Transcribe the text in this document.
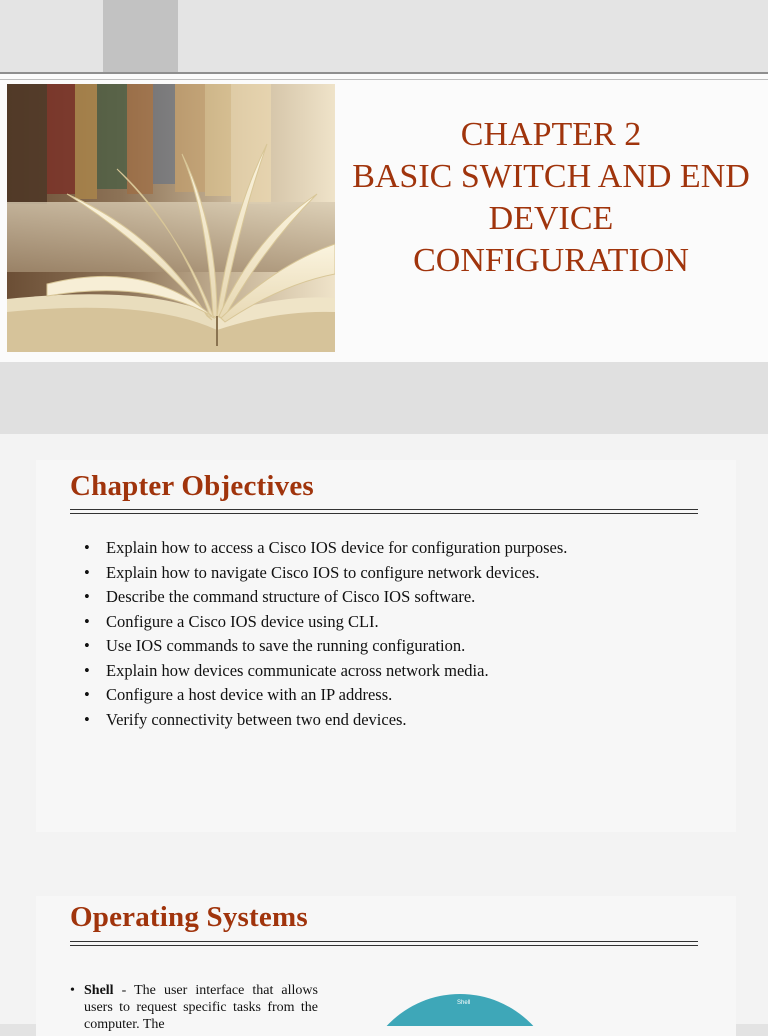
CHAPTER 2
BASIC SWITCH AND END
DEVICE
CONFIGURATION
Chapter Objectives
• Explain how to access a Cisco IOS device for configuration purposes.
• Explain how to navigate Cisco IOS to configure network devices.
• Describe the command structure of Cisco IOS software.
• Configure a Cisco IOS device using CLI.
• Use IOS commands to save the running configuration.
• Explain how devices communicate across network media.
• Configure a host device with an IP address.
• Verify connectivity between two end devices.
Operating Systems

• Shell - The user interface that allows users to request specific tasks from the computer. The

Shell
